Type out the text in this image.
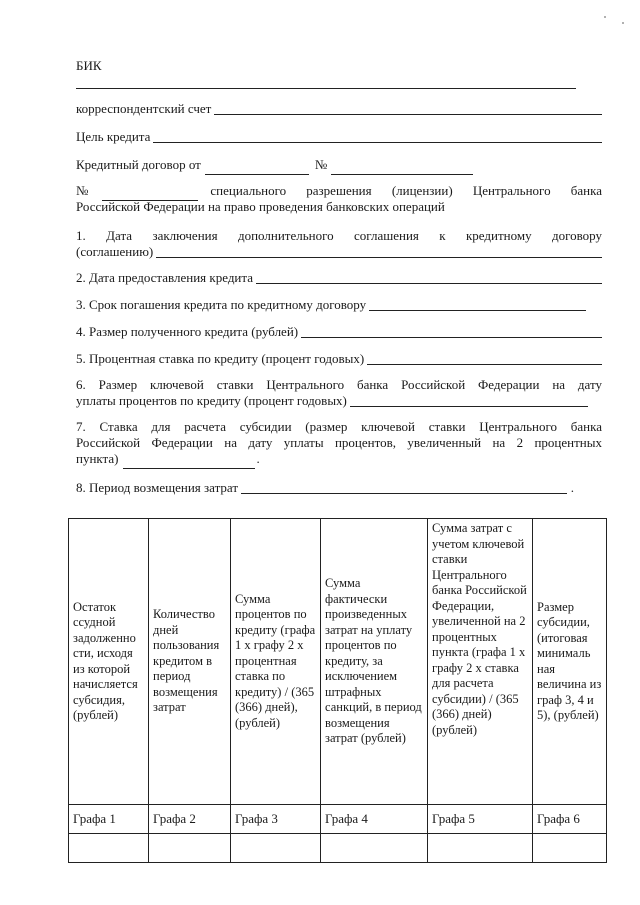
БИК
корреспондентский счет
Цель кредита
Кредитный договор от	№
№	специального разрешения (лицензии) Центрального банка
Российской Федерации на право проведения банковских операций
1. Дата заключения дополнительного соглашения к кредитному договору
(соглашению)
2. Дата предоставления кредита
3. Срок погашения кредита по кредитному договору
4. Размер полученного кредита (рублей)
5. Процентная ставка по кредиту (процент годовых)
6. Размер ключевой ставки Центрального банка Российской Федерации на дату
уплаты процентов по кредиту (процент годовых)
7. Ставка для расчета субсидии (размер ключевой ставки Центрального банка
Российской Федерации на дату уплаты процентов, увеличенный на 2 процентных
пункта)	.
8. Период возмещения затрат	.
Остаток ссудной задолженно сти, исходя из которой начисляется субсидия, (рублей)	Количество дней пользования кредитом в период возмещения затрат	Сумма процентов по кредиту (графа 1 х графу 2 х процентная ставка по кредиту) / (365 (366) дней), (рублей)	Сумма фактически произведенных затрат на уплату процентов по кредиту, за исключением штрафных санкций, в период возмещения затрат (рублей)	Сумма затрат с учетом ключевой ставки Центрального банка Российской Федерации, увеличенной на 2 процентных пункта (графа 1 х графу 2 х ставка для расчета субсидии) / (365 (366) дней) (рублей)	Размер субсидии, (итоговая минималь ная величина из граф 3, 4 и 5), (рублей)
Графа 1	Графа 2	Графа 3	Графа 4	Графа 5	Графа 6
